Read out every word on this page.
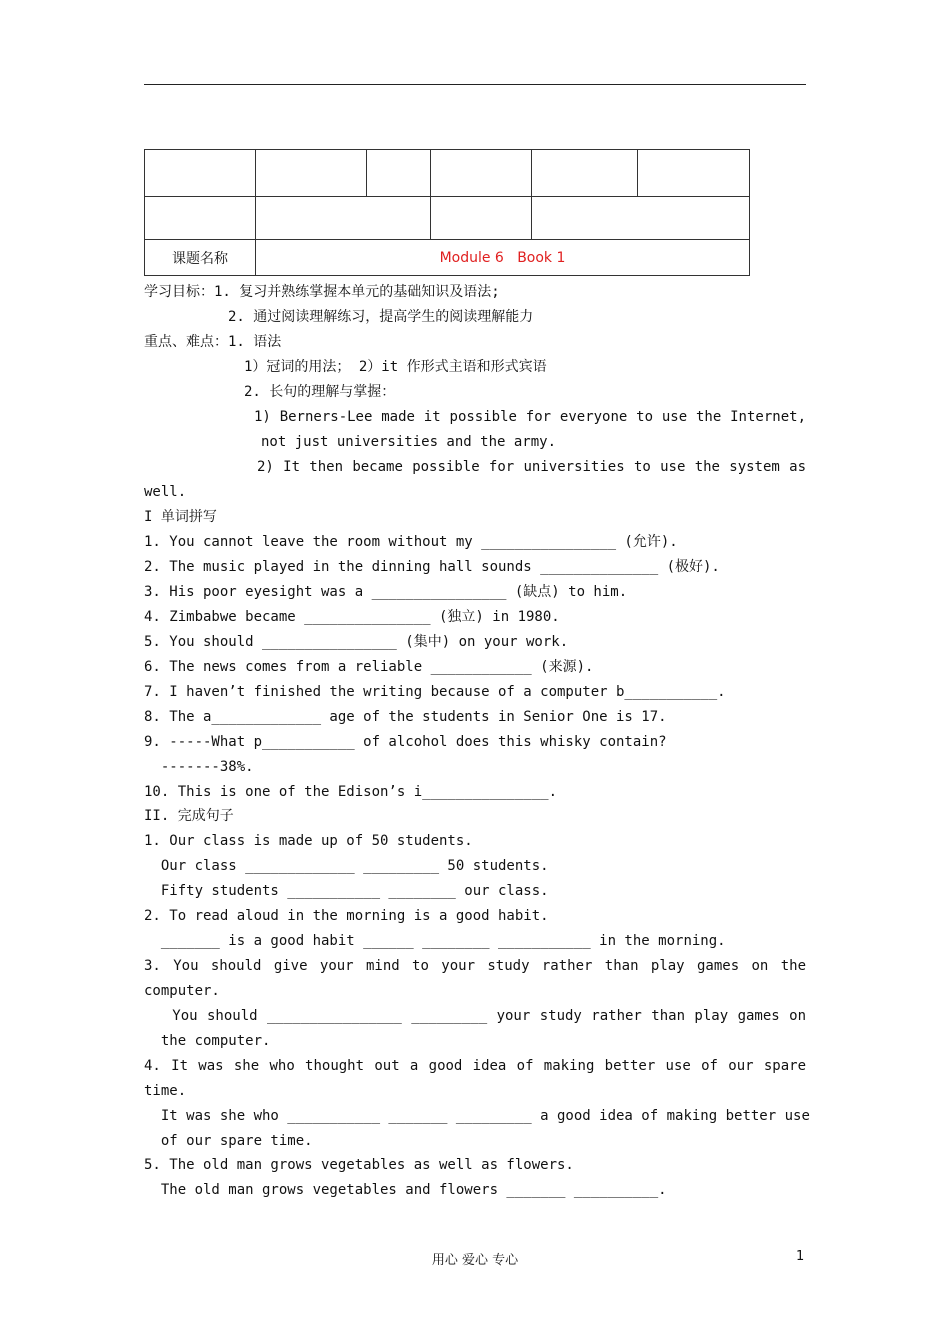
课题名称	Module 6   Book 1				
学习目标：1. 复习并熟练掌握本单元的基础知识及语法;
2. 通过阅读理解练习，提高学生的阅读理解能力
重点、难点：1. 语法
1）冠词的用法； 2）it 作形式主语和形式宾语
2. 长句的理解与掌握：
1) Berners-Lee made it possible for everyone to use the Internet,
not just universities and the army.
2) It then became possible for universities to use the system as
well.
I 单词拼写
1. You cannot leave the room without my ________________ (允许).
2. The music played in the dinning hall sounds ______________ (极好).
3. His poor eyesight was a ________________ (缺点) to him.
4. Zimbabwe became _______________ (独立) in 1980.
5. You should ________________ (集中) on your work.
6. The news comes from a reliable ____________ (来源).
7. I haven’t finished the writing because of a computer b___________.
8. The a_____________ age of the students in Senior One is 17.
9. -----What p___________ of alcohol does this whisky contain?
-------38%.
10. This is one of the Edison’s i_______________.
II. 完成句子
1. Our class is made up of 50 students.
Our class _____________ _________ 50 students.
Fifty students ___________ ________ our class.
2. To read aloud in the morning is a good habit.
_______ is a good habit ______ ________ ___________ in the morning.
3. You should give your mind to your study rather than play games on the
computer.
You should ________________ _________ your study rather than play games on
the computer.
4. It was she who thought out a good idea of making better use of our spare
time.
It was she who ___________ _______ _________ a good idea of making better use
of our spare time.
5. The old man grows vegetables as well as flowers.
The old man grows vegetables and flowers _______ __________.
用心 爱心 专心	1
